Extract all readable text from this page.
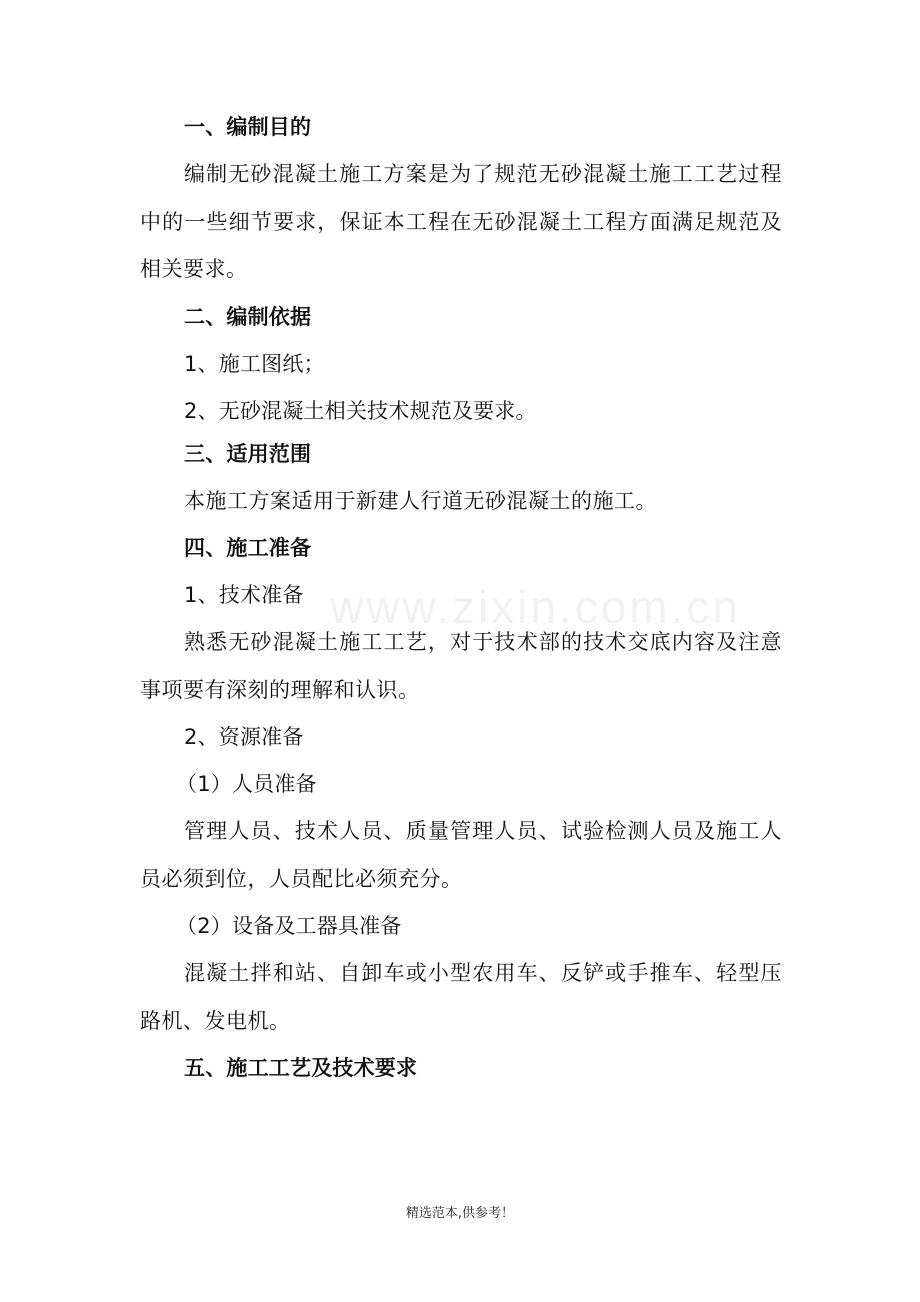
www.zixin.com.cn
一、编制目的
编制无砂混凝土施工方案是为了规范无砂混凝土施工工艺过程中的一些细节要求，保证本工程在无砂混凝土工程方面满足规范及相关要求。
二、编制依据
1、施工图纸；
2、无砂混凝土相关技术规范及要求。
三、适用范围
本施工方案适用于新建人行道无砂混凝土的施工。
四、施工准备
1、技术准备
熟悉无砂混凝土施工工艺，对于技术部的技术交底内容及注意事项要有深刻的理解和认识。
2、资源准备
（1）人员准备
管理人员、技术人员、质量管理人员、试验检测人员及施工人员必须到位，人员配比必须充分。
（2）设备及工器具准备
混凝土拌和站、自卸车或小型农用车、反铲或手推车、轻型压路机、发电机。
五、施工工艺及技术要求
精选范本,供参考！
